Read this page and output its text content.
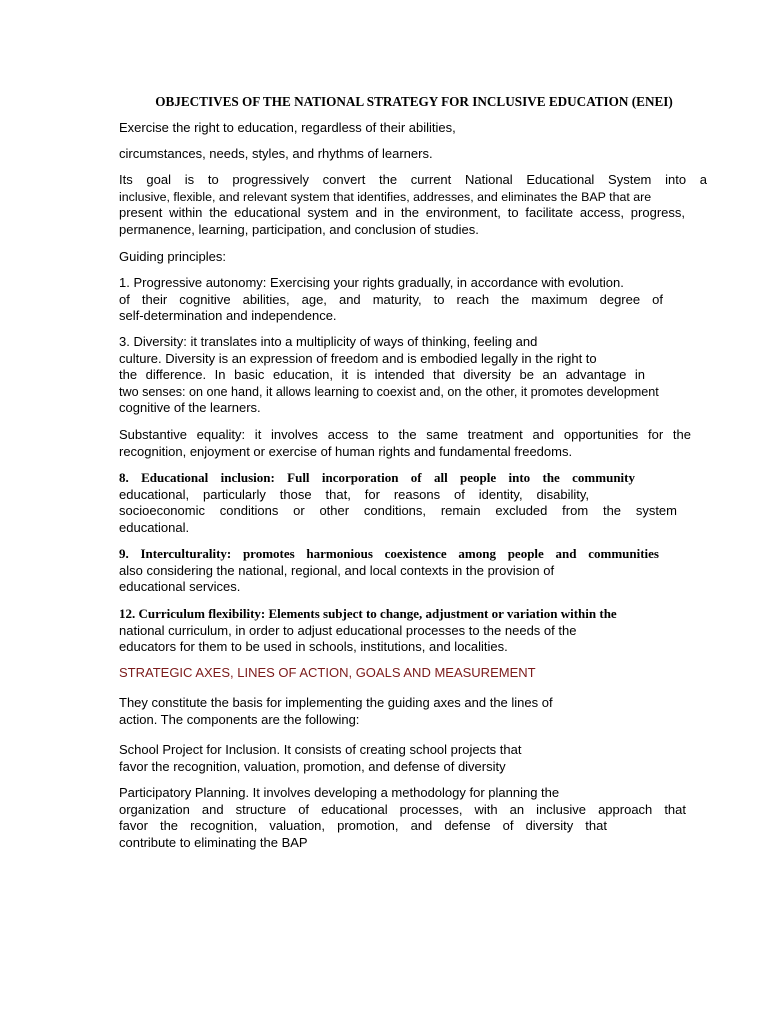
OBJECTIVES OF THE NATIONAL STRATEGY FOR INCLUSIVE EDUCATION (ENEI)
Exercise the right to education, regardless of their abilities,
circumstances, needs, styles, and rhythms of learners.
Its goal is to progressively convert the current National Educational System into a
inclusive, flexible, and relevant system that identifies, addresses, and eliminates the BAP that are
present within the educational system and in the environment, to facilitate access, progress,
permanence, learning, participation, and conclusion of studies.
Guiding principles:
1. Progressive autonomy: Exercising your rights gradually, in accordance with evolution.
of their cognitive abilities, age, and maturity, to reach the maximum degree of
self-determination and independence.
3. Diversity: it translates into a multiplicity of ways of thinking, feeling and
culture. Diversity is an expression of freedom and is embodied legally in the right to
the difference. In basic education, it is intended that diversity be an advantage in
two senses: on one hand, it allows learning to coexist and, on the other, it promotes development
cognitive of the learners.
Substantive equality: it involves access to the same treatment and opportunities for the
recognition, enjoyment or exercise of human rights and fundamental freedoms.
8. Educational inclusion: Full incorporation of all people into the community
educational, particularly those that, for reasons of identity, disability,
socioeconomic conditions or other conditions, remain excluded from the system
educational.
9. Interculturality: promotes harmonious coexistence among people and communities
also considering the national, regional, and local contexts in the provision of
educational services.
12. Curriculum flexibility: Elements subject to change, adjustment or variation within the
national curriculum, in order to adjust educational processes to the needs of the
educators for them to be used in schools, institutions, and localities.
STRATEGIC AXES, LINES OF ACTION, GOALS AND MEASUREMENT
They constitute the basis for implementing the guiding axes and the lines of
action. The components are the following:
School Project for Inclusion. It consists of creating school projects that
favor the recognition, valuation, promotion, and defense of diversity
Participatory Planning. It involves developing a methodology for planning the
organization and structure of educational processes, with an inclusive approach that
favor the recognition, valuation, promotion, and defense of diversity that
contribute to eliminating the BAP
